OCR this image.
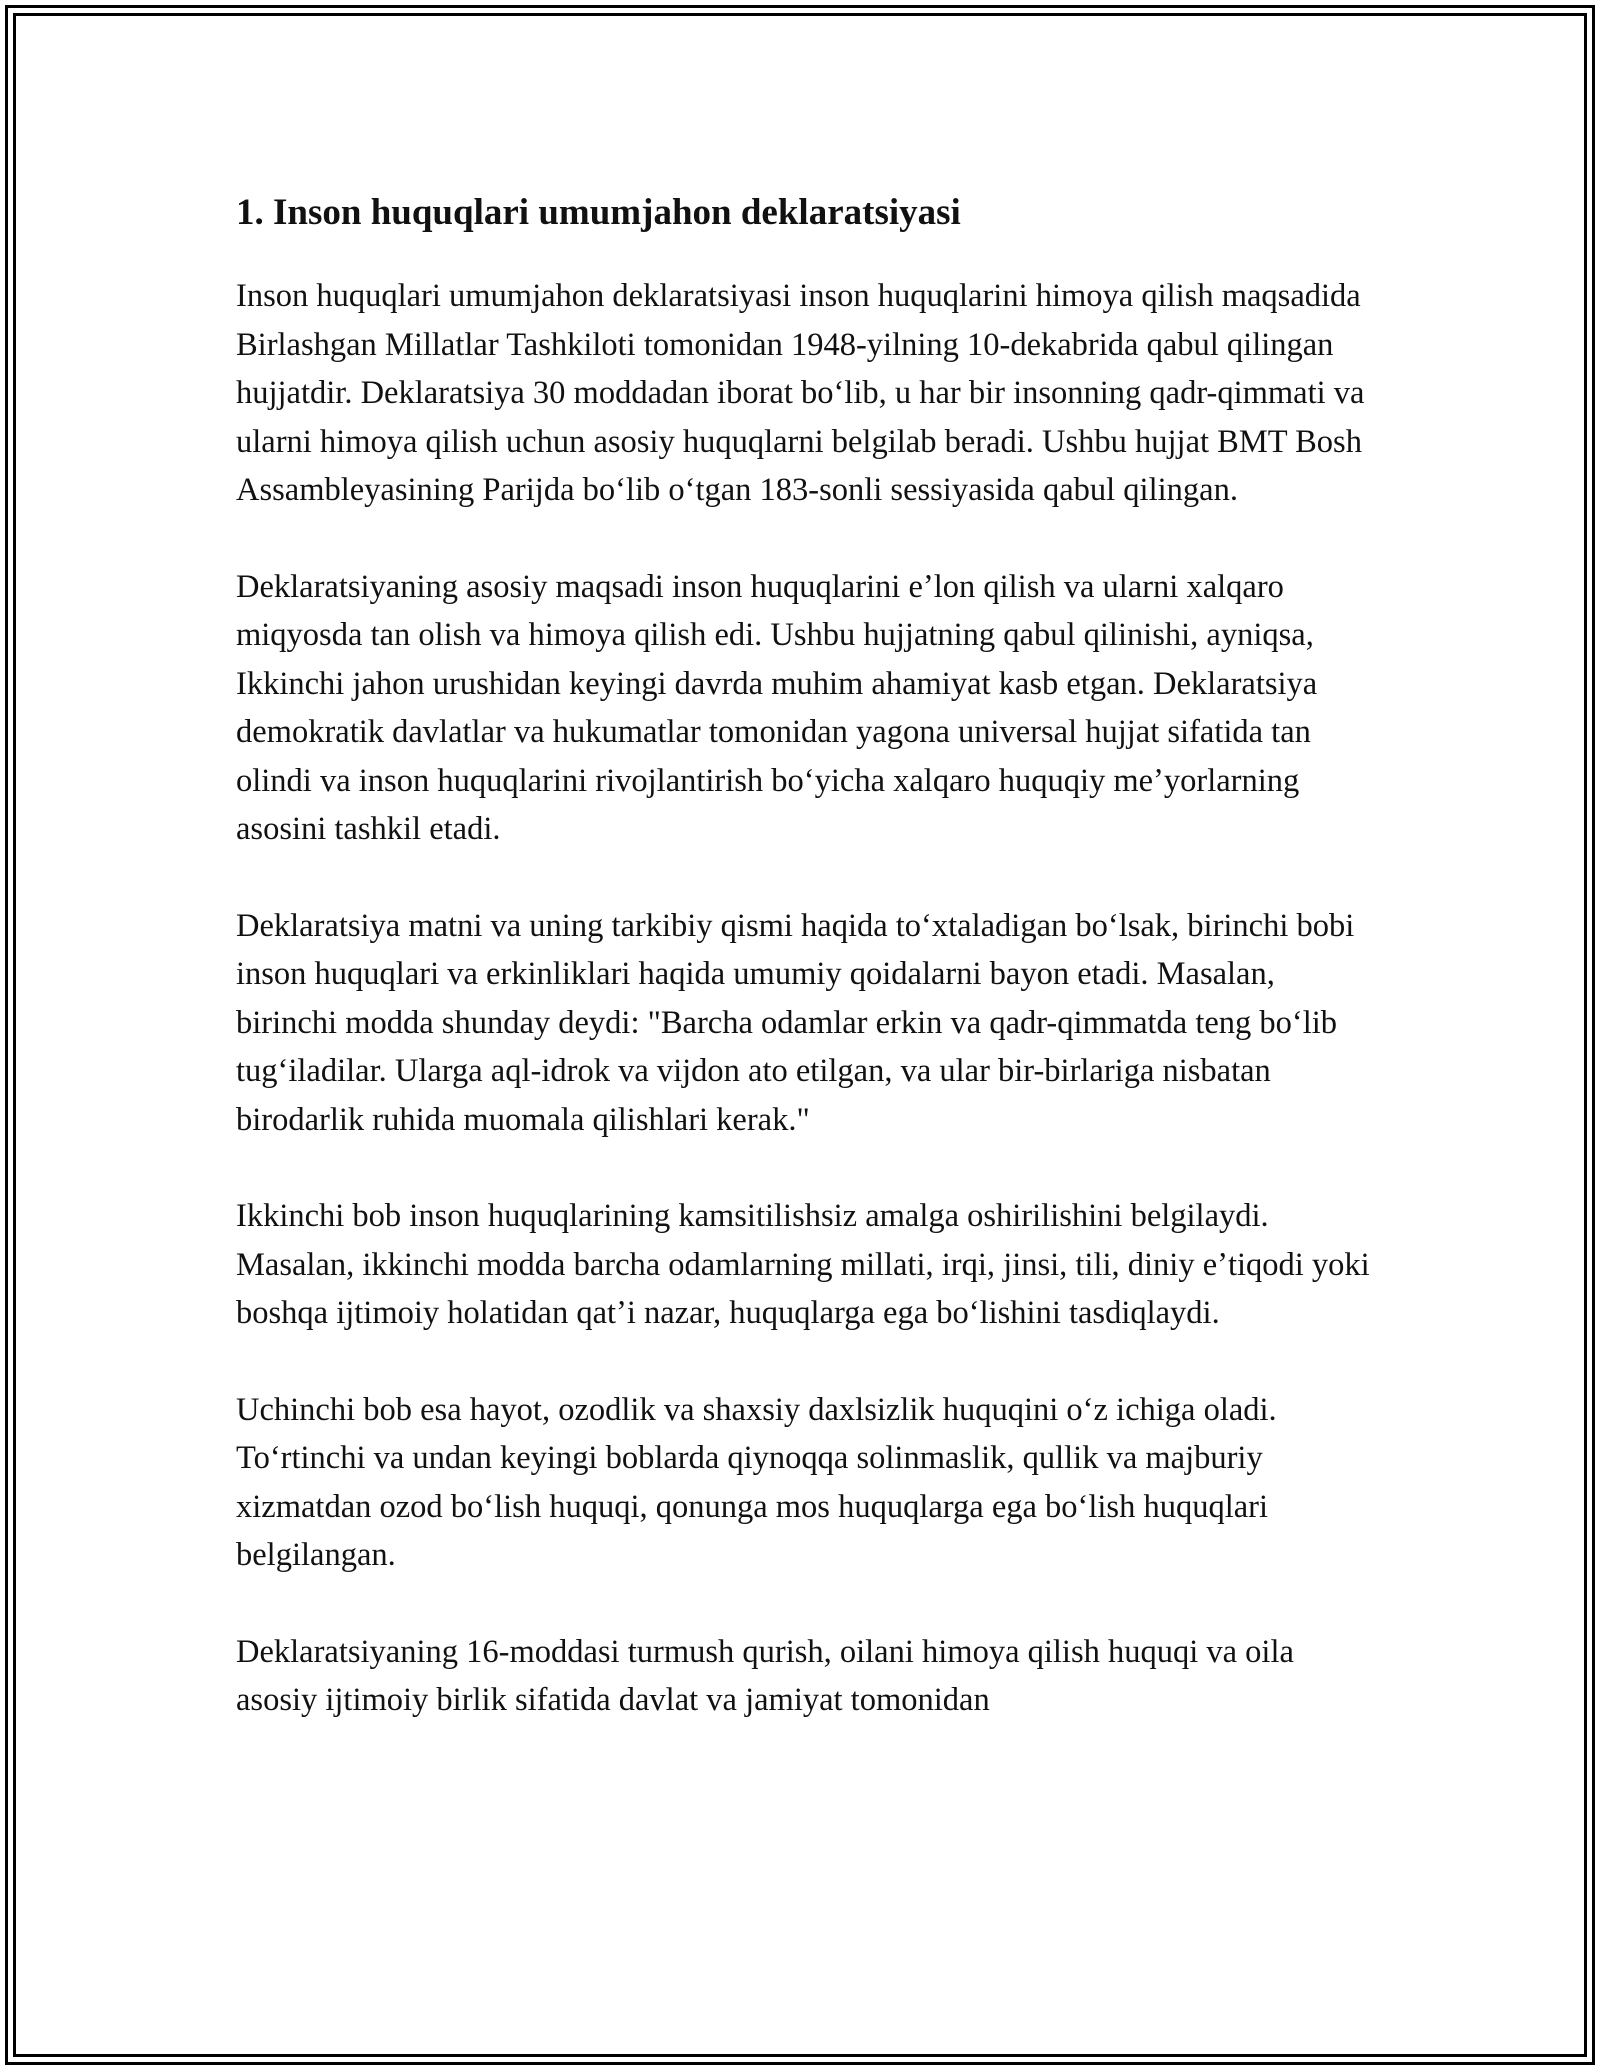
1. Inson huquqlari umumjahon deklaratsiyasi

Inson huquqlari umumjahon deklaratsiyasi inson huquqlarini himoya qilish maqsadida Birlashgan Millatlar Tashkiloti tomonidan 1948-yilning 10-dekabrida qabul qilingan hujjatdir. Deklaratsiya 30 moddadan iborat boʻlib, u har bir insonning qadr-qimmati va ularni himoya qilish uchun asosiy huquqlarni belgilab beradi. Ushbu hujjat BMT Bosh Assambleyasining Parijda boʻlib oʻtgan 183-sonli sessiyasida qabul qilingan.

Deklaratsiyaning asosiy maqsadi inson huquqlarini eʼlon qilish va ularni xalqaro miqyosda tan olish va himoya qilish edi. Ushbu hujjatning qabul qilinishi, ayniqsa, Ikkinchi jahon urushidan keyingi davrda muhim ahamiyat kasb etgan. Deklaratsiya demokratik davlatlar va hukumatlar tomonidan yagona universal hujjat sifatida tan olindi va inson huquqlarini rivojlantirish boʻyicha xalqaro huquqiy meʼyorlarning asosini tashkil etadi.

Deklaratsiya matni va uning tarkibiy qismi haqida toʻxtaladigan boʻlsak, birinchi bobi inson huquqlari va erkinliklari haqida umumiy qoidalarni bayon etadi. Masalan, birinchi modda shunday deydi: "Barcha odamlar erkin va qadr-qimmatda teng boʻlib tugʻiladilar. Ularga aql-idrok va vijdon ato etilgan, va ular bir-birlariga nisbatan birodarlik ruhida muomala qilishlari kerak."

Ikkinchi bob inson huquqlarining kamsitilishsiz amalga oshirilishini belgilaydi. Masalan, ikkinchi modda barcha odamlarning millati, irqi, jinsi, tili, diniy eʼtiqodi yoki boshqa ijtimoiy holatidan qatʼi nazar, huquqlarga ega boʻlishini tasdiqlaydi.

Uchinchi bob esa hayot, ozodlik va shaxsiy daxlsizlik huquqini oʻz ichiga oladi. Toʻrtinchi va undan keyingi boblarda qiynoqqa solinmaslik, qullik va majburiy xizmatdan ozod boʻlish huquqi, qonunga mos huquqlarga ega boʻlish huquqlari belgilangan.

Deklaratsiyaning 16-moddasi turmush qurish, oilani himoya qilish huquqi va oila asosiy ijtimoiy birlik sifatida davlat va jamiyat tomonidan
